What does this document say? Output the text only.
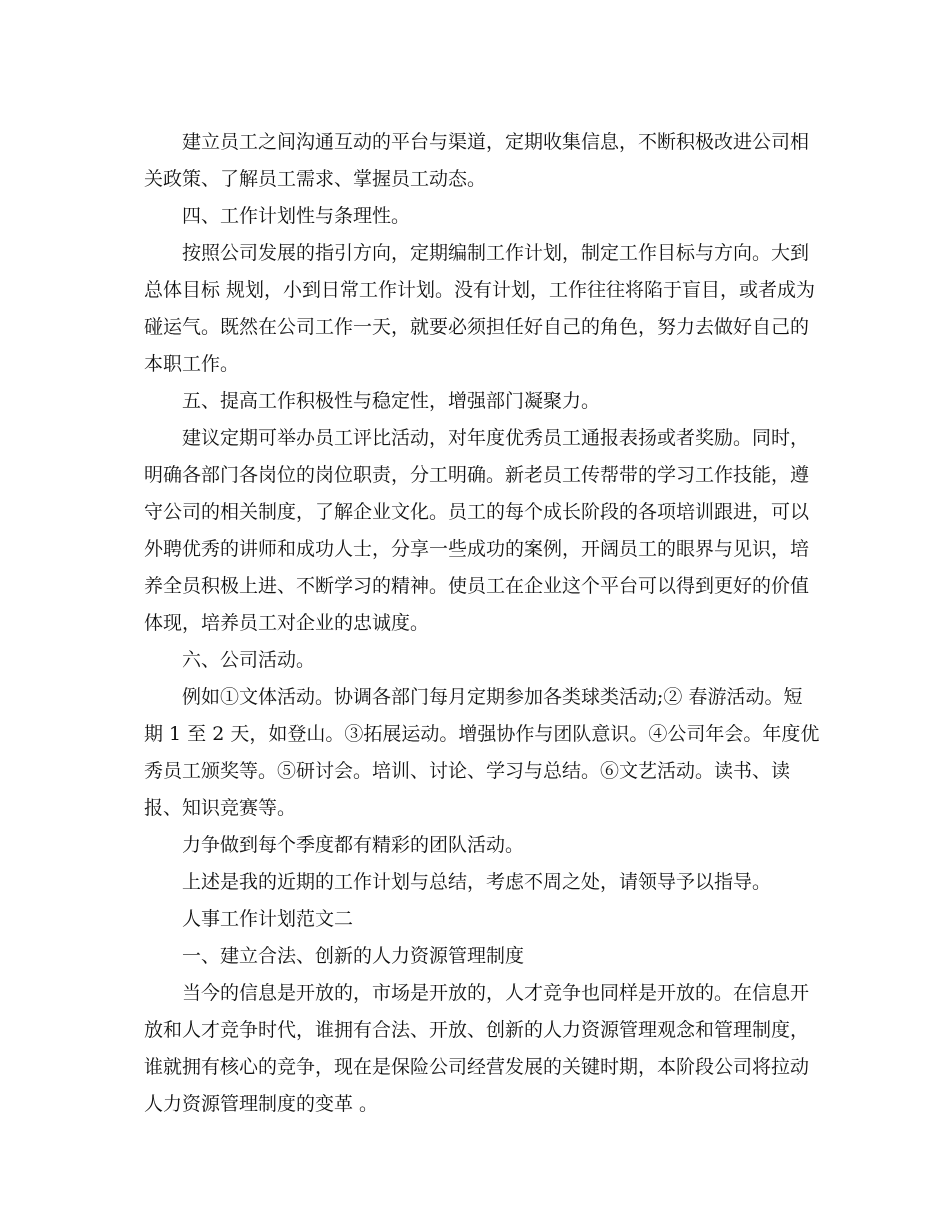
建立员工之间沟通互动的平台与渠道，定期收集信息，不断积极改进公司相
关政策、了解员工需求、掌握员工动态。
四、工作计划性与条理性。
按照公司发展的指引方向，定期编制工作计划，制定工作目标与方向。大到
总体目标 规划，小到日常工作计划。没有计划，工作往往将陷于盲目，或者成为
碰运气。既然在公司工作一天，就要必须担任好自己的角色，努力去做好自己的
本职工作。
五、提高工作积极性与稳定性，增强部门凝聚力。
建议定期可举办员工评比活动，对年度优秀员工通报表扬或者奖励。同时，
明确各部门各岗位的岗位职责，分工明确。新老员工传帮带的学习工作技能，遵
守公司的相关制度，了解企业文化。员工的每个成长阶段的各项培训跟进，可以
外聘优秀的讲师和成功人士，分享一些成功的案例，开阔员工的眼界与见识，培
养全员积极上进、不断学习的精神。使员工在企业这个平台可以得到更好的价值
体现，培养员工对企业的忠诚度。
六、公司活动。
例如①文体活动。协调各部门每月定期参加各类球类活动;② 春游活动。短
期 1 至 2 天，如登山。③拓展运动。增强协作与团队意识。④公司年会。年度优
秀员工颁奖等。⑤研讨会。培训、讨论、学习与总结。⑥文艺活动。读书、读
报、知识竞赛等。
力争做到每个季度都有精彩的团队活动。
上述是我的近期的工作计划与总结，考虑不周之处，请领导予以指导。
人事工作计划范文二
一、建立合法、创新的人力资源管理制度
当今的信息是开放的，市场是开放的，人才竞争也同样是开放的。在信息开
放和人才竞争时代，谁拥有合法、开放、创新的人力资源管理观念和管理制度，
谁就拥有核心的竞争，现在是保险公司经营发展的关键时期，本阶段公司将拉动
人力资源管理制度的变革 。
